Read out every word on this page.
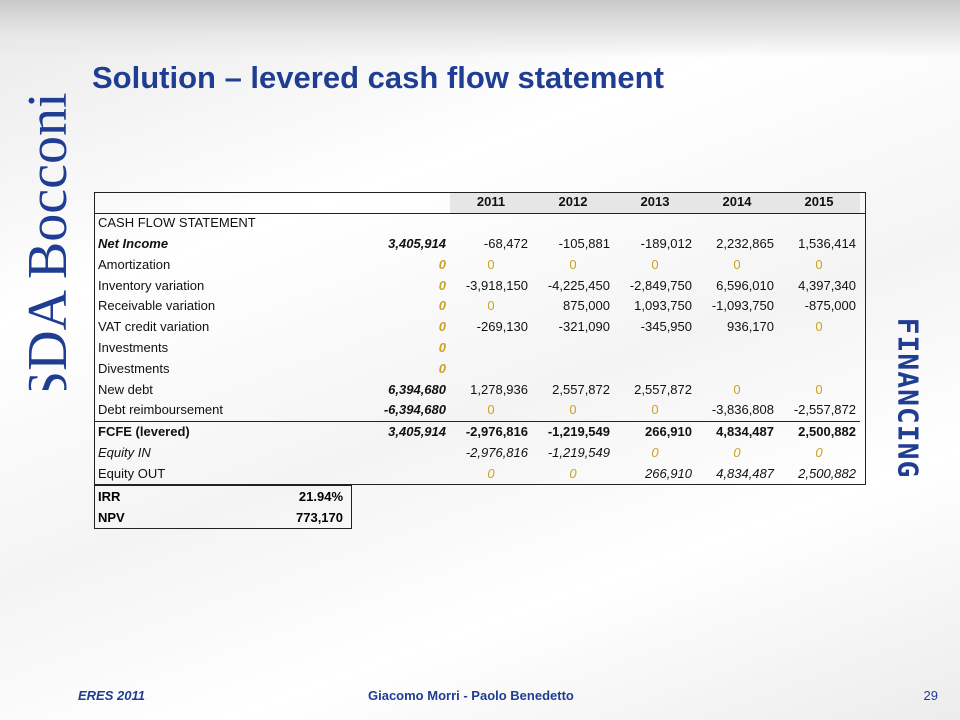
SDA Bocconi
Solution – levered cash flow statement
FINANCING
		2011	2012	2013	2014	2015
CASH FLOW STATEMENT						
Net Income	3,405,914	-68,472	-105,881	-189,012	2,232,865	1,536,414
Amortization	0	0	0	0	0	0
Inventory variation	0	-3,918,150	-4,225,450	-2,849,750	6,596,010	4,397,340
Receivable variation	0	0	875,000	1,093,750	-1,093,750	-875,000
VAT credit variation	0	-269,130	-321,090	-345,950	936,170	0
Investments	0					
Divestments	0					
New debt	6,394,680	1,278,936	2,557,872	2,557,872	0	0
Debt reimboursement	-6,394,680	0	0	0	-3,836,808	-2,557,872
FCFE (levered)	3,405,914	-2,976,816	-1,219,549	266,910	4,834,487	2,500,882
Equity IN		-2,976,816	-1,219,549	0	0	0
Equity OUT		0	0	266,910	4,834,487	2,500,882
IRR	21.94%
NPV	773,170
ERES 2011	Giacomo Morri - Paolo Benedetto	29
